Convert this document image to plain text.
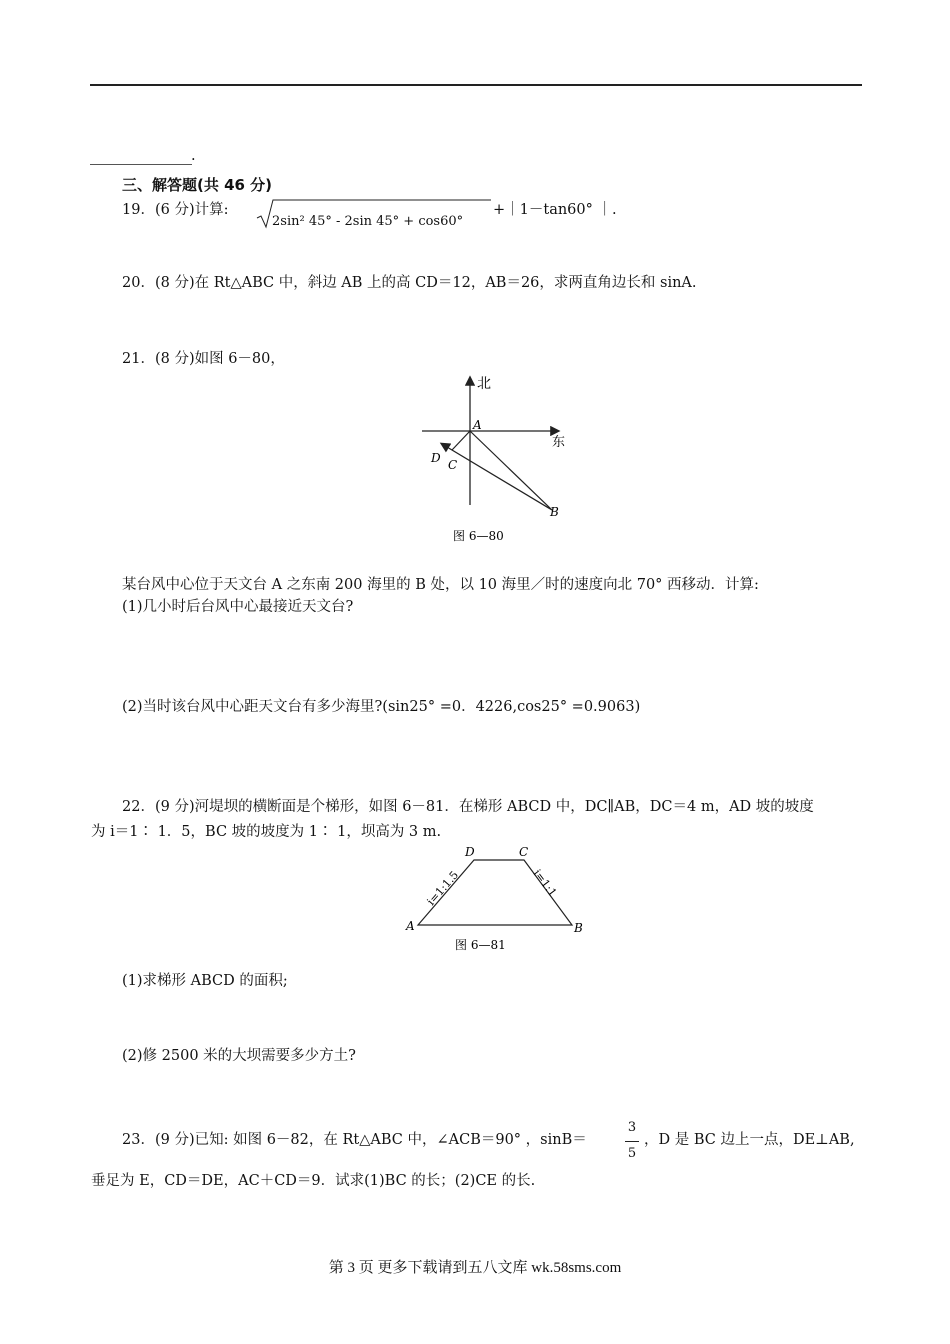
.
三、解答题(共 46 分)
19．(6 分)计算:
2sin² 45° - 2sin 45° + cos60°
+｜1－tan60° ｜.
20．(8 分)在 Rt△ABC 中，斜边 AB 上的高 CD＝12，AB＝26，求两直角边长和 sinA.
21．(8 分)如图 6－80，
北
东
A
B
C
D
图 6—80
某台风中心位于天文台 A 之东南 200 海里的 B 处，以 10 海里／时的速度向北 70° 西移动．计算:
(1)几小时后台风中心最接近天文台?
(2)当时该台风中心距天文台有多少海里?(sin25° =0．4226,cos25° =0.9063)
22．(9 分)河堤坝的横断面是个梯形，如图 6－81．在梯形 ABCD 中，DC∥AB，DC＝4 m，AD 坡的坡度
为 i＝1∶ 1．5，BC 坡的坡度为 1∶ 1，坝高为 3 m.
A	B
C
D
i=1:1.5	i=1:1
图 6—81
(1)求梯形 ABCD 的面积;
(2)修 2500 米的大坝需要多少方土?
23．(9 分)已知: 如图 6－82，在 Rt△ABC 中，∠ACB＝90° ，sinB＝
3
5
，D 是 BC 边上一点，DE⊥AB,
垂足为 E，CD＝DE，AC＋CD＝9．试求(1)BC 的长；(2)CE 的长.
第 3 页 更多下载请到五八文库 wk.58sms.com
